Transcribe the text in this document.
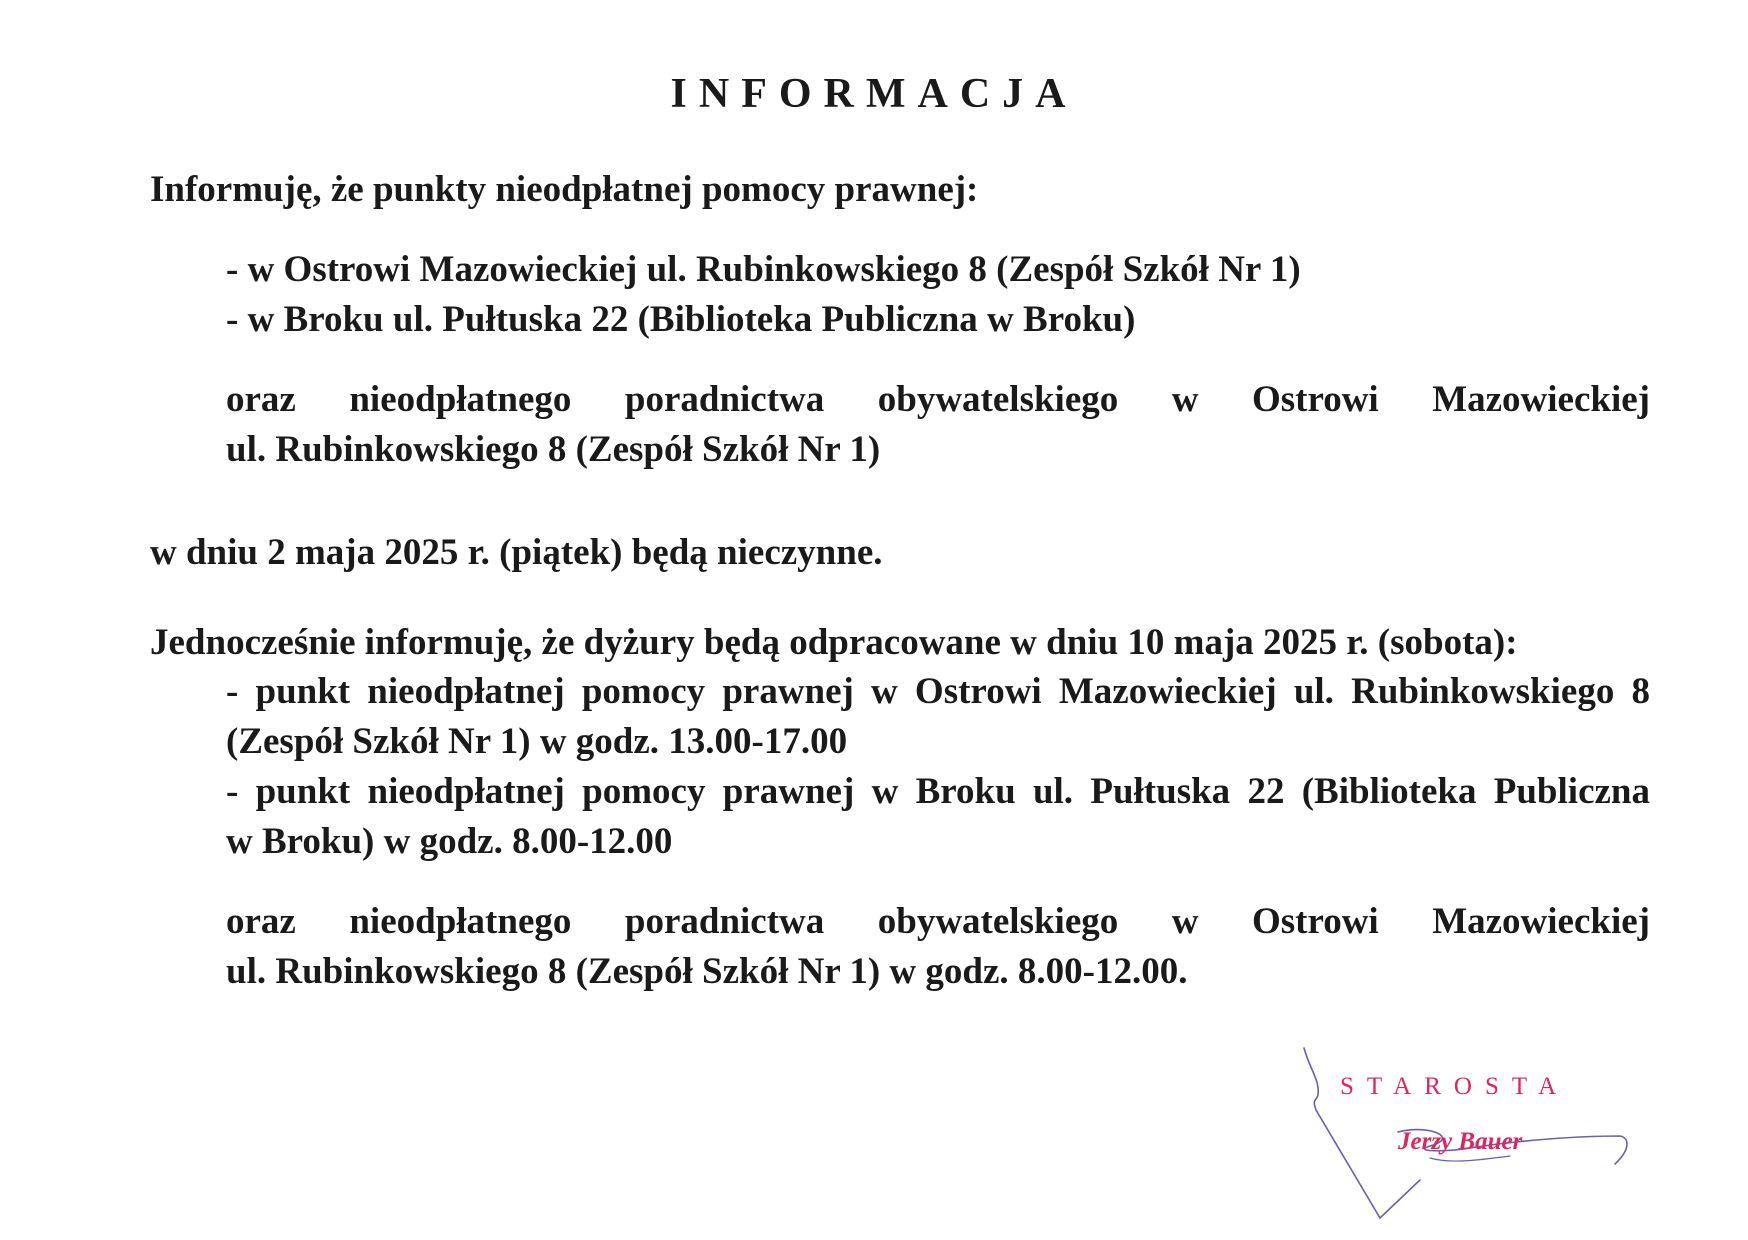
INFORMACJA
Informuję, że punkty nieodpłatnej pomocy prawnej:
- w Ostrowi Mazowieckiej ul. Rubinkowskiego 8 (Zespół Szkół Nr 1)
- w Broku ul. Pułtuska 22 (Biblioteka Publiczna w Broku)
oraz nieodpłatnego poradnictwa obywatelskiego w Ostrowi Mazowieckiej
ul. Rubinkowskiego 8 (Zespół Szkół Nr 1)
w dniu 2 maja 2025 r. (piątek) będą nieczynne.
Jednocześnie informuję, że dyżury będą odpracowane w dniu 10 maja 2025 r. (sobota):
- punkt nieodpłatnej pomocy prawnej w Ostrowi Mazowieckiej ul. Rubinkowskiego 8
(Zespół Szkół Nr 1) w godz. 13.00-17.00
- punkt nieodpłatnej pomocy prawnej w Broku ul. Pułtuska 22 (Biblioteka Publiczna
w Broku) w godz. 8.00-12.00
oraz nieodpłatnego poradnictwa obywatelskiego w Ostrowi Mazowieckiej
ul. Rubinkowskiego 8 (Zespół Szkół Nr 1) w godz. 8.00-12.00.
STAROSTA
Jerzy Bauer
